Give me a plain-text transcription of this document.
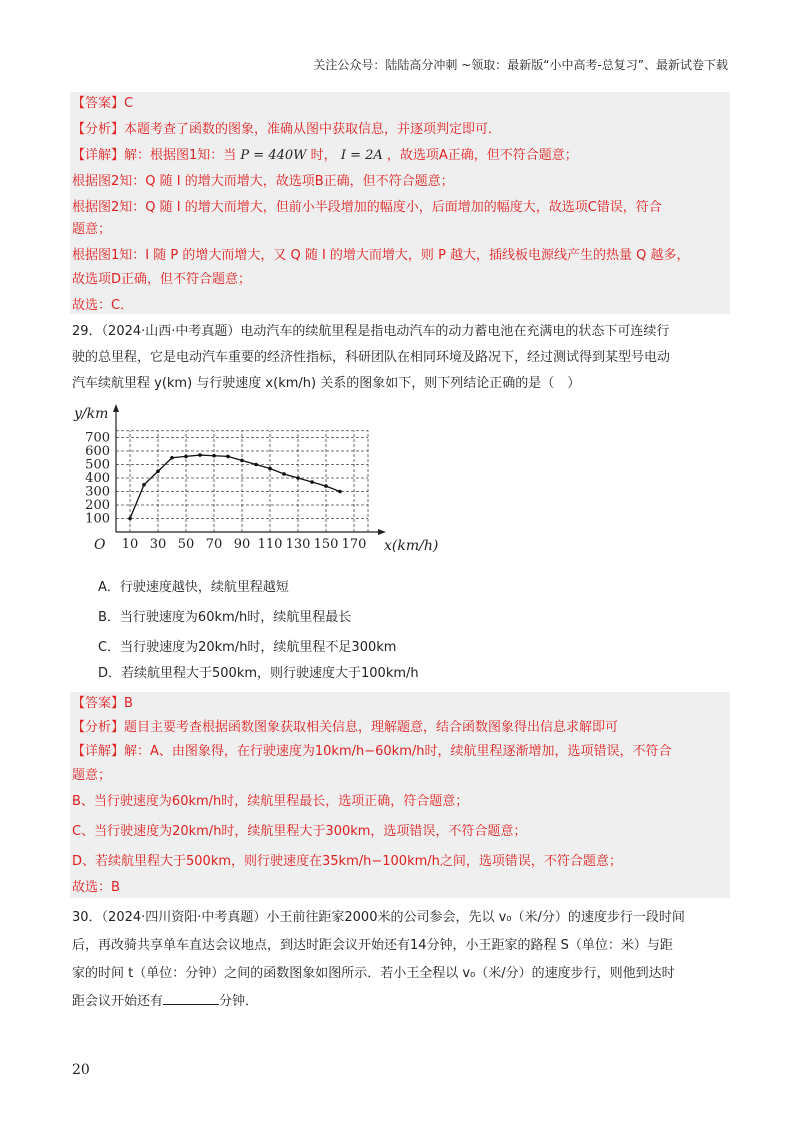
关注公众号：陆陆高分冲刺 ~领取：最新版“小中高考-总复习”、最新试卷下载
【答案】C
【分析】本题考查了函数的图象，准确从图中获取信息，并逐项判定即可．
【详解】解：根据图1知：当 P = 440W 时， I = 2A ，故选项A正确，但不符合题意；
根据图2知：Q 随 I 的增大而增大，故选项B正确，但不符合题意；
根据图2知：Q 随 I 的增大而增大，但前小半段增加的幅度小，后面增加的幅度大，故选项C错误，符合
题意；
根据图1知：I 随 P 的增大而增大，又 Q 随 I 的增大而增大，则 P 越大，插线板电源线产生的热量 Q 越多，
故选项D正确，但不符合题意；
故选：C．
29．（2024·山西·中考真题）电动汽车的续航里程是指电动汽车的动力蓄电池在充满电的状态下可连续行
驶的总里程，它是电动汽车重要的经济性指标，科研团队在相同环境及路况下，经过测试得到某型号电动
汽车续航里程 y(km) 与行驶速度 x(km/h) 关系的图象如下，则下列结论正确的是（　）
10 30 50 70 90 110 130 150 170
100
200
300
400
500
600
700
O
y/km
x(km/h)
A．行驶速度越快，续航里程越短
B．当行驶速度为60km/h时，续航里程最长
C．当行驶速度为20km/h时，续航里程不足300km
D．若续航里程大于500km，则行驶速度大于100km/h
【答案】B
【分析】题目主要考查根据函数图象获取相关信息，理解题意，结合函数图象得出信息求解即可
【详解】解：A、由图象得，在行驶速度为10km/h−60km/h时，续航里程逐渐增加，选项错误，不符合
题意；
B、当行驶速度为60km/h时，续航里程最长，选项正确，符合题意；
C、当行驶速度为20km/h时，续航里程大于300km，选项错误，不符合题意；
D、若续航里程大于500km，则行驶速度在35km/h−100km/h之间，选项错误，不符合题意；
故选：B
30．（2024·四川资阳·中考真题）小王前往距家2000米的公司参会，先以 v₀（米/分）的速度步行一段时间
后，再改骑共享单车直达会议地点，到达时距会议开始还有14分钟，小王距家的路程 S（单位：米）与距
家的时间 t（单位：分钟）之间的函数图象如图所示．若小王全程以 v₀（米/分）的速度步行，则他到达时
距会议开始还有	分钟．
20
